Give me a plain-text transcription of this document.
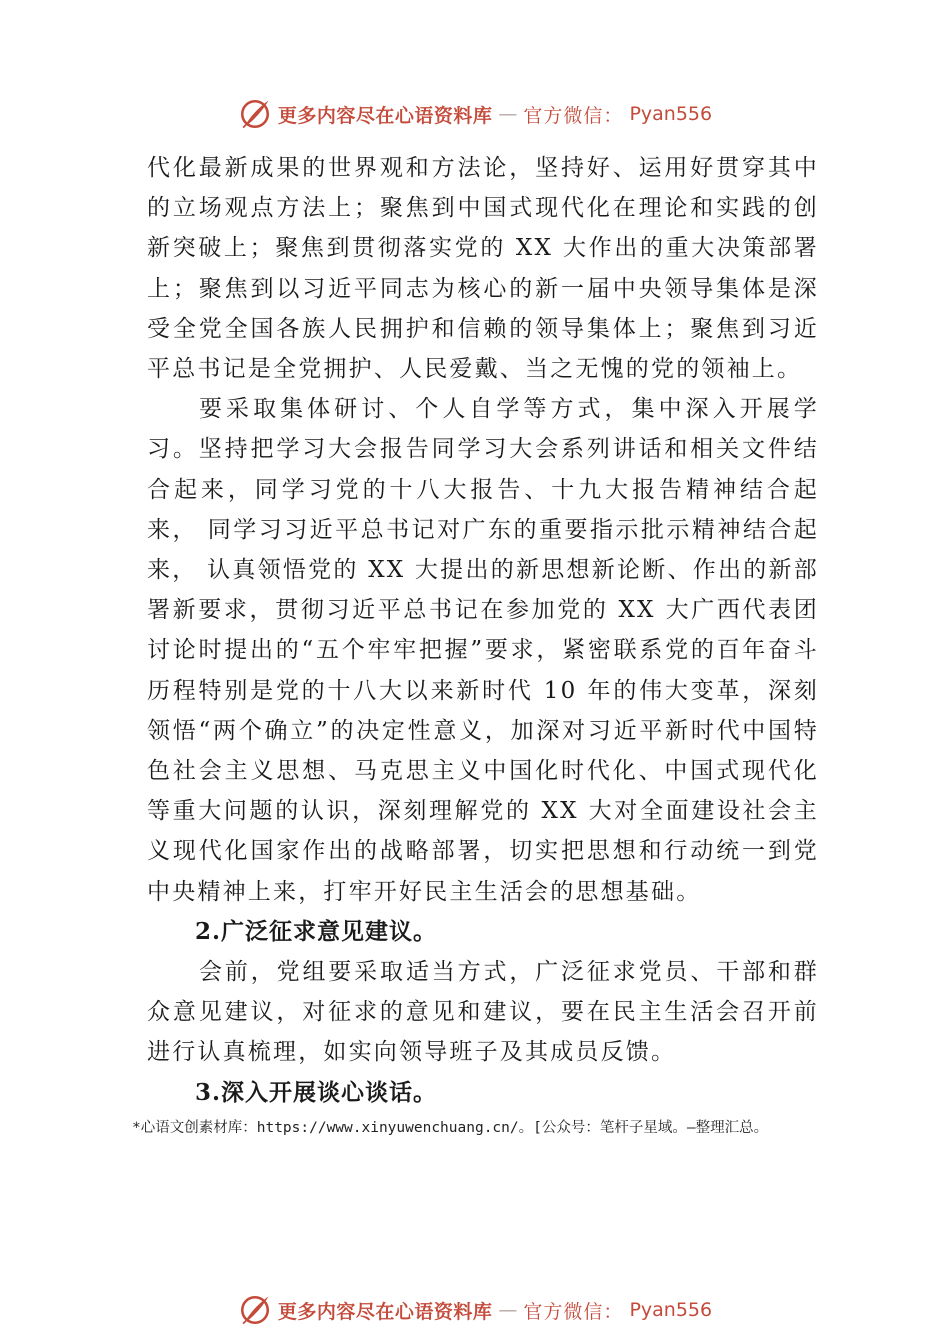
更多内容尽在心语资料库 — 官方微信： Pyan556

代化最新成果的世界观和方法论，坚持好、运用好贯穿其中的立场观点方法上；聚焦到中国式现代化在理论和实践的创新突破上；聚焦到贯彻落实党的 XX 大作出的重大决策部署上；聚焦到以习近平同志为核心的新一届中央领导集体是深受全党全国各族人民拥护和信赖的领导集体上；聚焦到习近平总书记是全党拥护、人民爱戴、当之无愧的党的领袖上。

要采取集体研讨、个人自学等方式，集中深入开展学习。坚持把学习大会报告同学习大会系列讲话和相关文件结合起来，同学习党的十八大报告、十九大报告精神结合起来， 同学习习近平总书记对广东的重要指示批示精神结合起来， 认真领悟党的 XX 大提出的新思想新论断、作出的新部署新要求，贯彻习近平总书记在参加党的 XX 大广西代表团讨论时提出的“五个牢牢把握”要求，紧密联系党的百年奋斗历程特别是党的十八大以来新时代 10 年的伟大变革，深刻领悟“两个确立”的决定性意义，加深对习近平新时代中国特色社会主义思想、马克思主义中国化时代化、中国式现代化等重大问题的认识，深刻理解党的 XX 大对全面建设社会主义现代化国家作出的战略部署，切实把思想和行动统一到党中央精神上来，打牢开好民主生活会的思想基础。

2.广泛征求意见建议。

会前，党组要采取适当方式，广泛征求党员、干部和群众意见建议，对征求的意见和建议，要在民主生活会召开前进行认真梳理，如实向领导班子及其成员反馈。

3.深入开展谈心谈话。

*心语文创素材库：https://www.xinyuwenchuang.cn/。[公众号：笔杆子星域。—整理汇总。
更多内容尽在心语资料库 — 官方微信： Pyan556
